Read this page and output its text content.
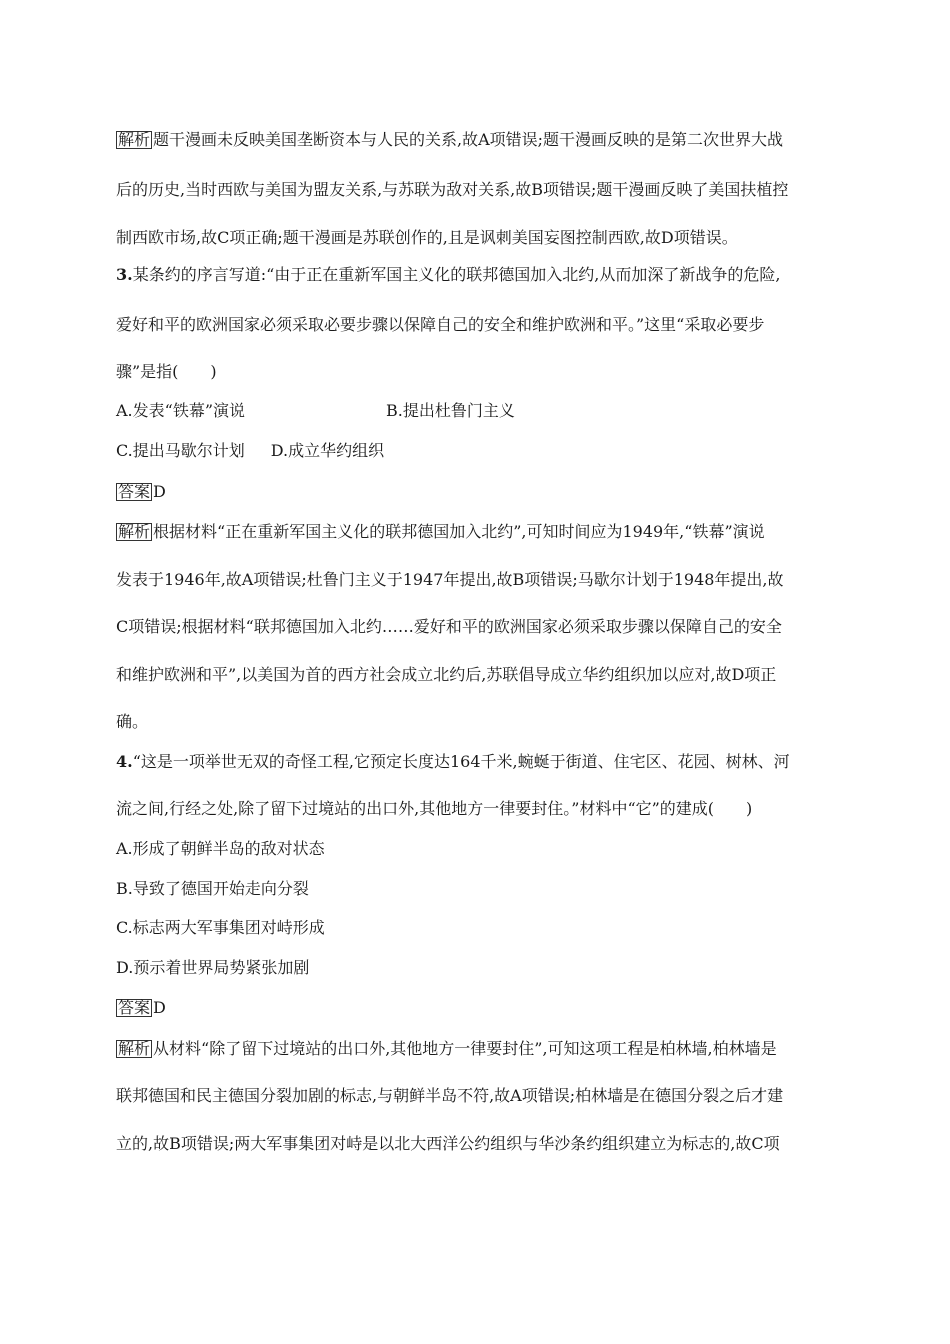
解析 题干漫画未反映美国垄断资本与人民的关系,故A项错误;题干漫画反映的是第二次世界大战
后的历史,当时西欧与美国为盟友关系,与苏联为敌对关系,故B项错误;题干漫画反映了美国扶植控
制西欧市场,故C项正确;题干漫画是苏联创作的,且是讽刺美国妄图控制西欧,故D项错误。
3.某条约的序言写道:“由于正在重新军国主义化的联邦德国加入北约,从而加深了新战争的危险,
爱好和平的欧洲国家必须采取必要步骤以保障自己的安全和维护欧洲和平。”这里“采取必要步
骤”是指(　　)
A.发表“铁幕”演说	B.提出杜鲁门主义
C.提出马歇尔计划 D.成立华约组织
答案 D
解析 根据材料“正在重新军国主义化的联邦德国加入北约”,可知时间应为1949年,“铁幕”演说
发表于1946年,故A项错误;杜鲁门主义于1947年提出,故B项错误;马歇尔计划于1948年提出,故
C项错误;根据材料“联邦德国加入北约……爱好和平的欧洲国家必须采取步骤以保障自己的安全
和维护欧洲和平”,以美国为首的西方社会成立北约后,苏联倡导成立华约组织加以应对,故D项正
确。
4.“这是一项举世无双的奇怪工程,它预定长度达164千米,蜿蜒于街道、住宅区、花园、树林、河
流之间,行经之处,除了留下过境站的出口外,其他地方一律要封住。”材料中“它”的建成(　　)
A.形成了朝鲜半岛的敌对状态
B.导致了德国开始走向分裂
C.标志两大军事集团对峙形成
D.预示着世界局势紧张加剧
答案 D
解析 从材料“除了留下过境站的出口外,其他地方一律要封住”,可知这项工程是柏林墙,柏林墙是
联邦德国和民主德国分裂加剧的标志,与朝鲜半岛不符,故A项错误;柏林墙是在德国分裂之后才建
立的,故B项错误;两大军事集团对峙是以北大西洋公约组织与华沙条约组织建立为标志的,故C项
